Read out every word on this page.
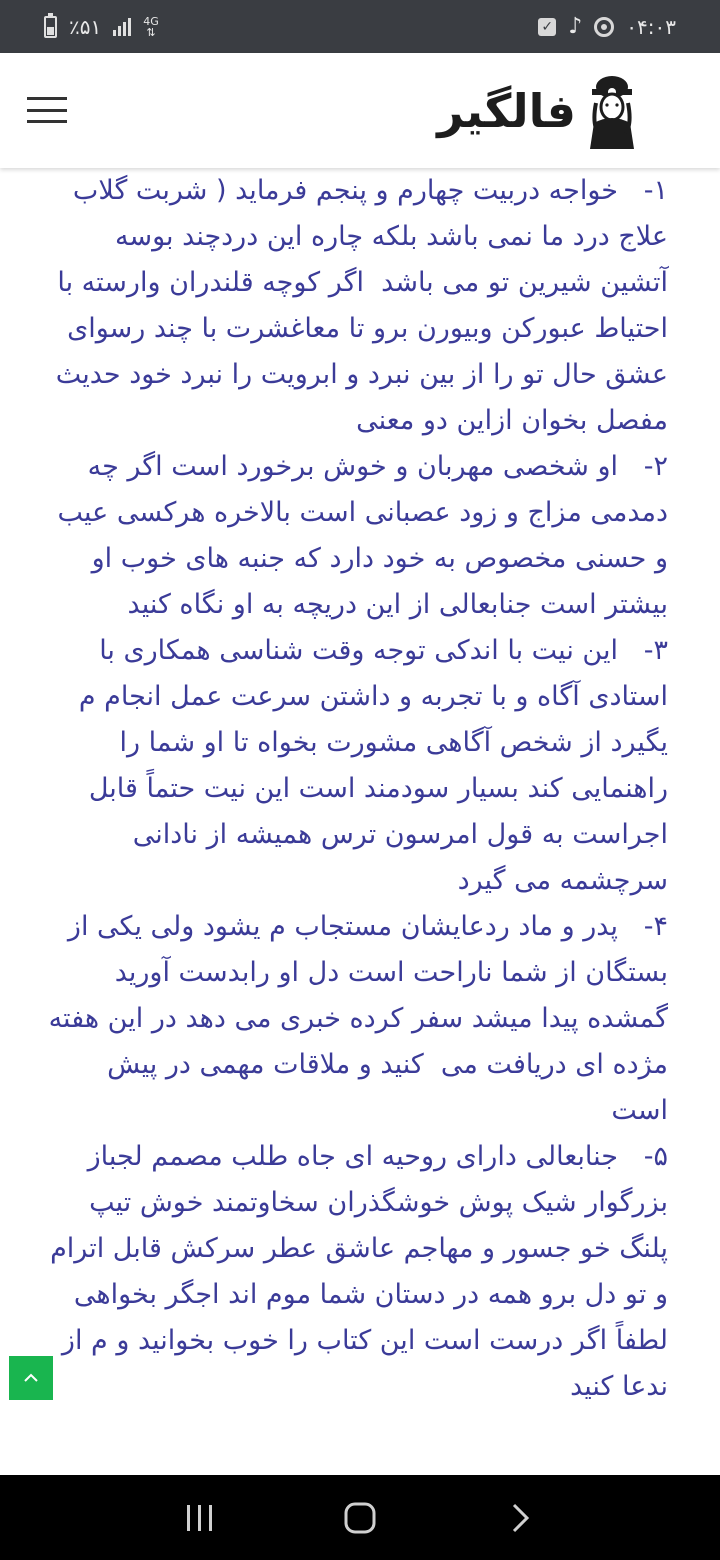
٪۵۱	4G
⇅	✓ ♪ ۰۴:۰۳
فالگیر

۱-   خواجه دربیت چهارم و پنجم فرماید ( شربت گلاب علاج درد ما نمی باشد بلکه چاره این دردچند بوسه آتشین شیرین تو می باشد  اگر کوچه قلندران وارسته با احتیاط عبورکن وبیورن برو تا معاغشرت با چند رسوای عشق حال تو را از بین نبرد و ابرویت را نبرد خود حدیث مفصل بخوان ازاین دو معنی

۲-   او شخصی مهربان و خوش برخورد است اگر چه دمدمی مزاج و زود عصبانی است بالاخره هرکسی عیب و حسنی مخصوص به خود دارد که جنبه های خوب او بیشتر است جنابعالی از این دریچه به او نگاه کنید

۳-   این نیت با اندکی توجه وقت شناسی همکاری با استادی آگاه و با تجربه و داشتن سرعت عمل انجام م یگیرد از شخص آگاهی مشورت بخواه تا او شما را راهنمایی کند بسیار سودمند است این نیت حتماً قابل اجراست به قول امرسون ترس همیشه از نادانی سرچشمه می گیرد

۴-   پدر و ماد ردعایشان مستجاب م یشود ولی یکی از بستگان از شما ناراحت است دل او رابدست آورید گمشده پیدا میشد سفر کرده خبری می دهد در این هفته مژده ای دریافت می  کنید و ملاقات مهمی در پیش است

۵-   جنابعالی دارای روحیه ای جاه طلب مصمم لجباز بزرگوار شیک پوش خوشگذران سخاوتمند خوش تیپ پلنگ خو جسور و مهاجم عاشق عطر سرکش قابل اترام و تو دل برو همه در دستان شما موم اند اجگر بخواهی لطفاً اگر درست است این کتاب را خوب بخوانید و م از ندعا کنید
